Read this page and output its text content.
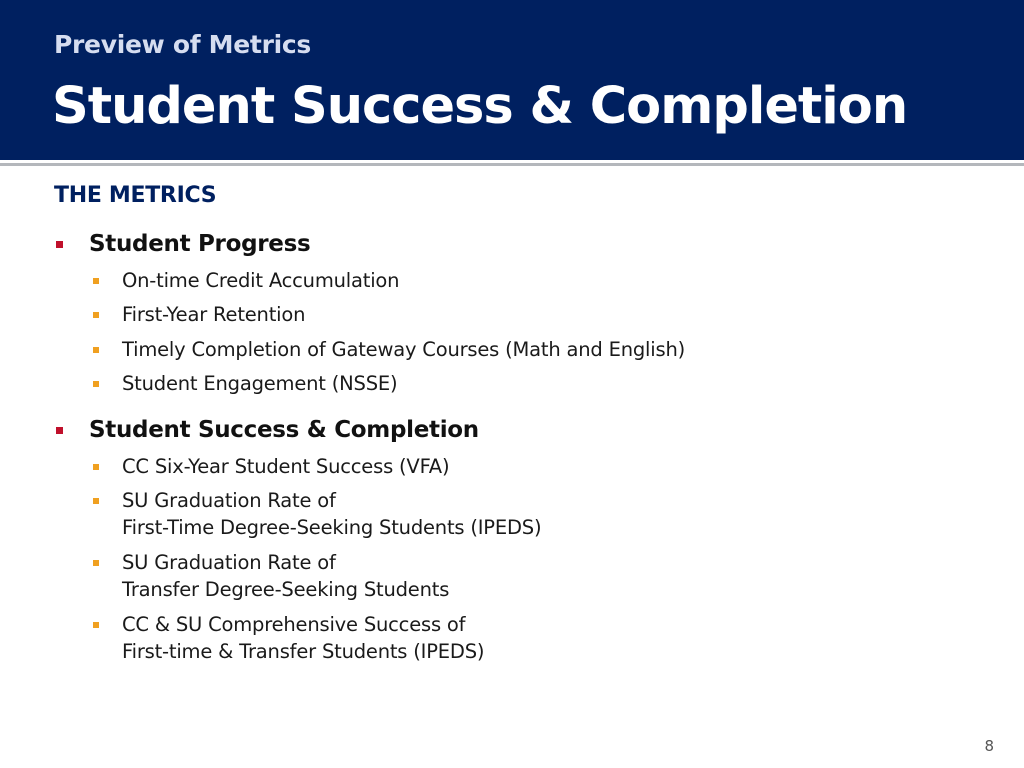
Preview of Metrics
Student Success & Completion
THE METRICS
Student Progress
On-time Credit Accumulation
First-Year Retention
Timely Completion of Gateway Courses (Math and English)
Student Engagement (NSSE)
Student Success & Completion
CC Six-Year Student Success (VFA)
SU Graduation Rate of
First-Time Degree-Seeking Students (IPEDS)
SU Graduation Rate of
Transfer Degree-Seeking Students
CC & SU Comprehensive Success of
First-time & Transfer Students (IPEDS)
8
